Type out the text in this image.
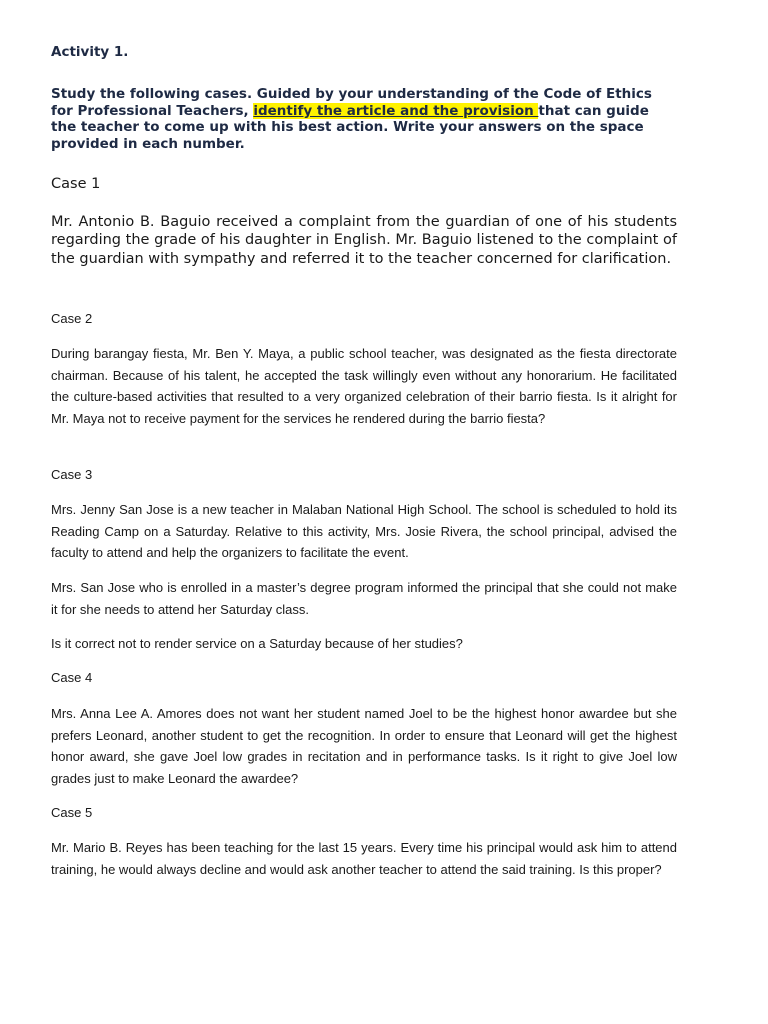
Activity 1.

Study the following cases. Guided by your understanding of the Code of Ethics for Professional Teachers, identify the article and the provision that can guide the teacher to come up with his best action. Write your answers on the space provided in each number.

Case 1

Mr. Antonio B. Baguio received a complaint from the guardian of one of his students regarding the grade of his daughter in English. Mr. Baguio listened to the complaint of the guardian with sympathy and referred it to the teacher concerned for clarification.

Case 2

During barangay fiesta, Mr. Ben Y. Maya, a public school teacher, was designated as the fiesta directorate chairman. Because of his talent, he accepted the task willingly even without any honorarium. He facilitated the culture-based activities that resulted to a very organized celebration of their barrio fiesta. Is it alright for Mr. Maya not to receive payment for the services he rendered during the barrio fiesta?

Case 3

Mrs. Jenny San Jose is a new teacher in Malaban National High School. The school is scheduled to hold its Reading Camp on a Saturday. Relative to this activity, Mrs. Josie Rivera, the school principal, advised the faculty to attend and help the organizers to facilitate the event.

Mrs. San Jose who is enrolled in a master’s degree program informed the principal that she could not make it for she needs to attend her Saturday class.

Is it correct not to render service on a Saturday because of her studies?

Case 4

Mrs. Anna Lee A. Amores does not want her student named Joel to be the highest honor awardee but she prefers Leonard, another student to get the recognition. In order to ensure that Leonard will get the highest honor award, she gave Joel low grades in recitation and in performance tasks. Is it right to give Joel low grades just to make Leonard the awardee?

Case 5

Mr. Mario B. Reyes has been teaching for the last 15 years. Every time his principal would ask him to attend training, he would always decline and would ask another teacher to attend the said training. Is this proper?
